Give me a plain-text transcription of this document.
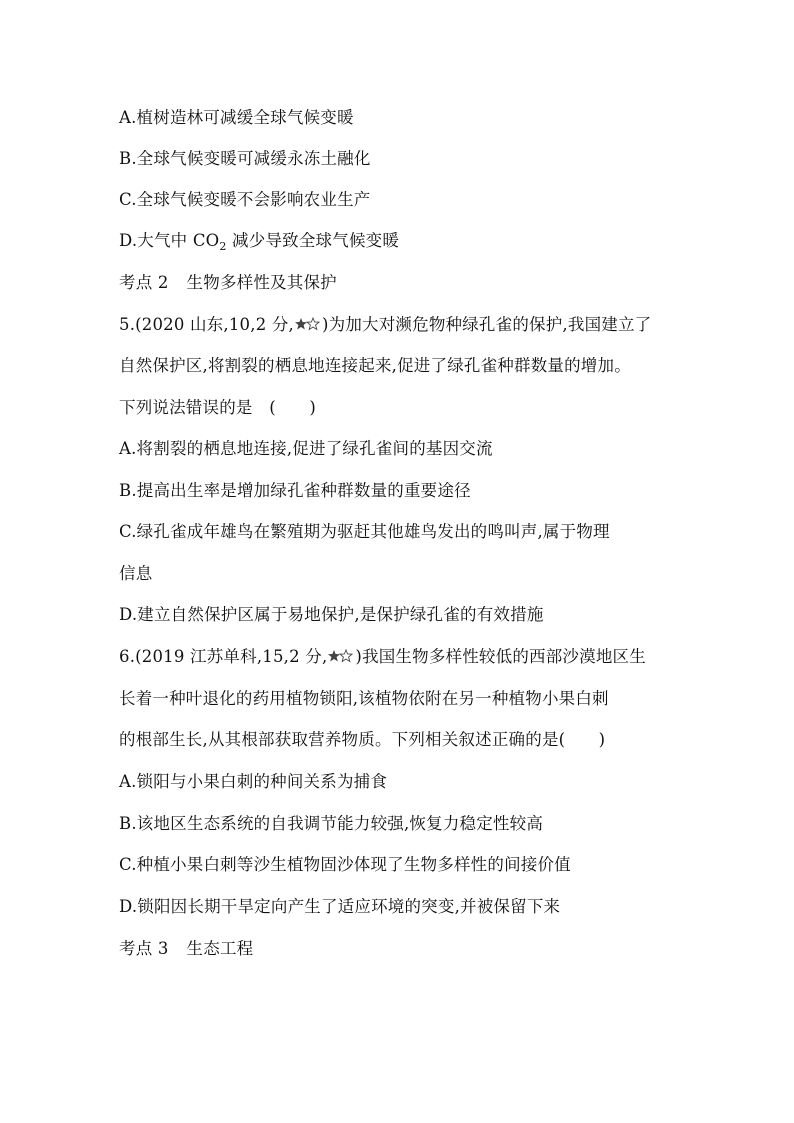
A.植树造林可减缓全球气候变暖
B.全球气候变暖可减缓永冻土融化
C.全球气候变暖不会影响农业生产
D.大气中 $CO_2$ 减少导致全球气候变暖
考点 2 生物多样性及其保护
5.(2020 山东,10,2 分, )为加大对濒危物种绿孔雀的保护,我国建立了
自然保护区,将割裂的栖息地连接起来,促进了绿孔雀种群数量的增加。
下列说法错误的是　(　　)
A.将割裂的栖息地连接,促进了绿孔雀间的基因交流
B.提高出生率是增加绿孔雀种群数量的重要途径
C.绿孔雀成年雄鸟在繁殖期为驱赶其他雄鸟发出的鸣叫声,属于物理
信息
D.建立自然保护区属于易地保护,是保护绿孔雀的有效措施
6.(2019 江苏单科,15,2 分, )我国生物多样性较低的西部沙漠地区生
长着一种叶退化的药用植物锁阳,该植物依附在另一种植物小果白刺
的根部生长,从其根部获取营养物质。下列相关叙述正确的是(　　)
A.锁阳与小果白刺的种间关系为捕食
B.该地区生态系统的自我调节能力较强,恢复力稳定性较高
C.种植小果白刺等沙生植物固沙体现了生物多样性的间接价值
D.锁阳因长期干旱定向产生了适应环境的突变,并被保留下来
考点 3 生态工程
